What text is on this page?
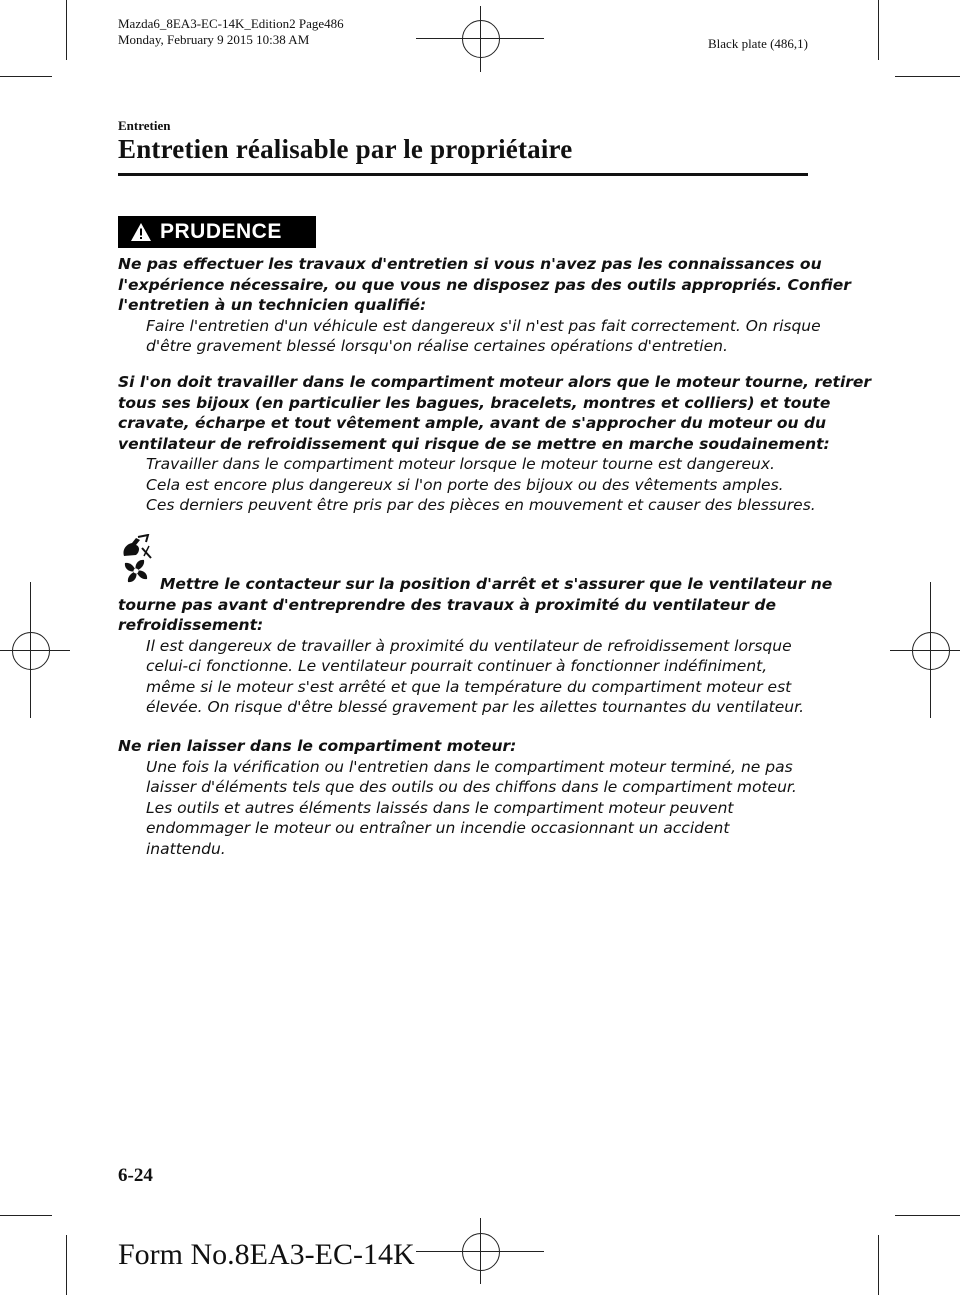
Mazda6_8EA3-EC-14K_Edition2 Page486
Monday, February 9 2015 10:38 AM	Black plate (486,1)
Entretien
Entretien réalisable par le propriétaire
PRUDENCE
Ne pas effectuer les travaux d'entretien si vous n'avez pas les connaissances ou
l'expérience nécessaire, ou que vous ne disposez pas des outils appropriés. Confier
l'entretien à un technicien qualifié:
Faire l'entretien d'un véhicule est dangereux s'il n'est pas fait correctement. On risque
d'être gravement blessé lorsqu'on réalise certaines opérations d'entretien.
Si l'on doit travailler dans le compartiment moteur alors que le moteur tourne, retirer
tous ses bijoux (en particulier les bagues, bracelets, montres et colliers) et toute
cravate, écharpe et tout vêtement ample, avant de s'approcher du moteur ou du
ventilateur de refroidissement qui risque de se mettre en marche soudainement:
Travailler dans le compartiment moteur lorsque le moteur tourne est dangereux.
Cela est encore plus dangereux si l'on porte des bijoux ou des vêtements amples.
Ces derniers peuvent être pris par des pièces en mouvement et causer des blessures.
Mettre le contacteur sur la position d'arrêt et s'assurer que le ventilateur ne
tourne pas avant d'entreprendre des travaux à proximité du ventilateur de
refroidissement:
Il est dangereux de travailler à proximité du ventilateur de refroidissement lorsque
celui-ci fonctionne. Le ventilateur pourrait continuer à fonctionner indéfiniment,
même si le moteur s'est arrêté et que la température du compartiment moteur est
élevée. On risque d'être blessé gravement par les ailettes tournantes du ventilateur.
Ne rien laisser dans le compartiment moteur:
Une fois la vérification ou l'entretien dans le compartiment moteur terminé, ne pas
laisser d'éléments tels que des outils ou des chiffons dans le compartiment moteur.
Les outils et autres éléments laissés dans le compartiment moteur peuvent
endommager le moteur ou entraîner un incendie occasionnant un accident
inattendu.
6-24
Form No.8EA3-EC-14K
